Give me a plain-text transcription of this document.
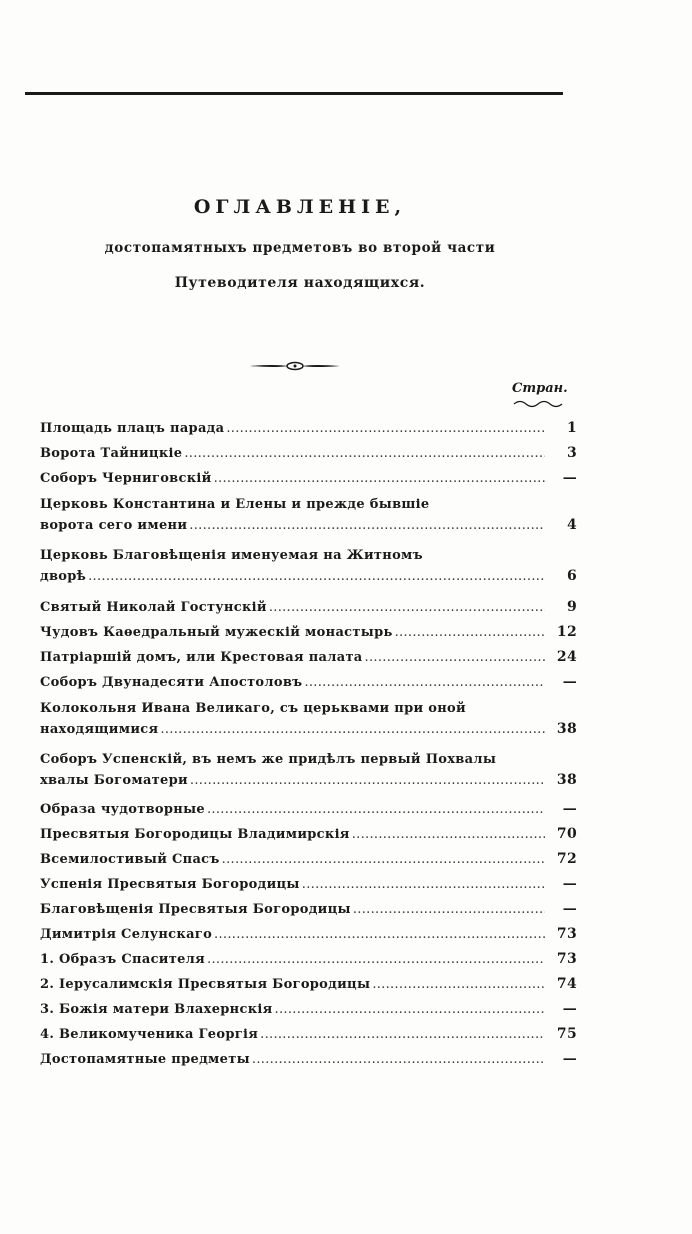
ОГЛАВЛЕНІЕ,
достопамятныхъ предметовъ во второй части
Путеводителя находящихся.
Стран.
Площадь плацъ парада .....	1
Ворота Тайницкіе .....	3
Соборъ Черниговскій .....	—
Церковь Константина и Елены и прежде бывшіе
ворота сего имени .....	4
Церковь Благовѣщенія именуемая на Житномъ
дворѣ .....	6
Святый Николай Гостунскій .....	9
Чудовъ Каѳедральный мужескій монастырь .....	12
Патріаршій домъ, или Крестовая палата .....	24
Соборъ Двунадесяти Апостоловъ .....	—
Колокольня Ивана Великаго, съ церьквами при оной
находящимися .....	38
Соборъ Успенскій, въ немъ же придѣлъ первый Похвалы
хвалы Богоматери .....	38
Образа чудотворные .....	—
Пресвятыя Богородицы Владимирскія .....	70
Всемилостивый Спасъ .....	72
Успенія Пресвятыя Богородицы .....	—
Благовѣщенія Пресвятыя Богородицы .....	—
Димитрія Селунскаго .....	73
1. Образъ Спасителя .....	73
2. Іерусалимскія Пресвятыя Богородицы .....	74
3. Божія матери Влахернскія .....	—
4. Великомученика Георгія .....	75
Достопамятные предметы .....	—
